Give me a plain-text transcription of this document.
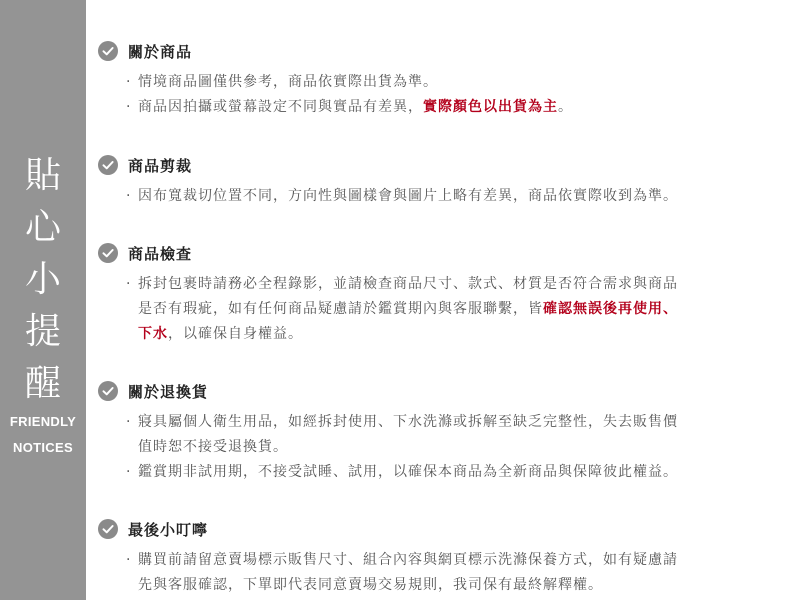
貼
心
小
提
醒
FRIENDLY
NOTICES
關於商品
· 情境商品圖僅供參考，商品依實際出貨為準。
· 商品因拍攝或螢幕設定不同與實品有差異，實際顏色以出貨為主。
商品剪裁
· 因布寬裁切位置不同，方向性與圖樣會與圖片上略有差異，商品依實際收到為準。
商品檢查
· 拆封包裹時請務必全程錄影，並請檢查商品尺寸、款式、材質是否符合需求與商品
是否有瑕疵，如有任何商品疑慮請於鑑賞期內與客服聯繫，皆確認無誤後再使用、
下水，以確保自身權益。
關於退換貨
· 寢具屬個人衛生用品，如經拆封使用、下水洗滌或拆解至缺乏完整性，失去販售價
值時恕不接受退換貨。
· 鑑賞期非試用期，不接受試睡、試用，以確保本商品為全新商品與保障彼此權益。
最後小叮嚀
· 購買前請留意賣場標示販售尺寸、組合內容與網頁標示洗滌保養方式，如有疑慮請
先與客服確認，下單即代表同意賣場交易規則，我司保有最終解釋權。
